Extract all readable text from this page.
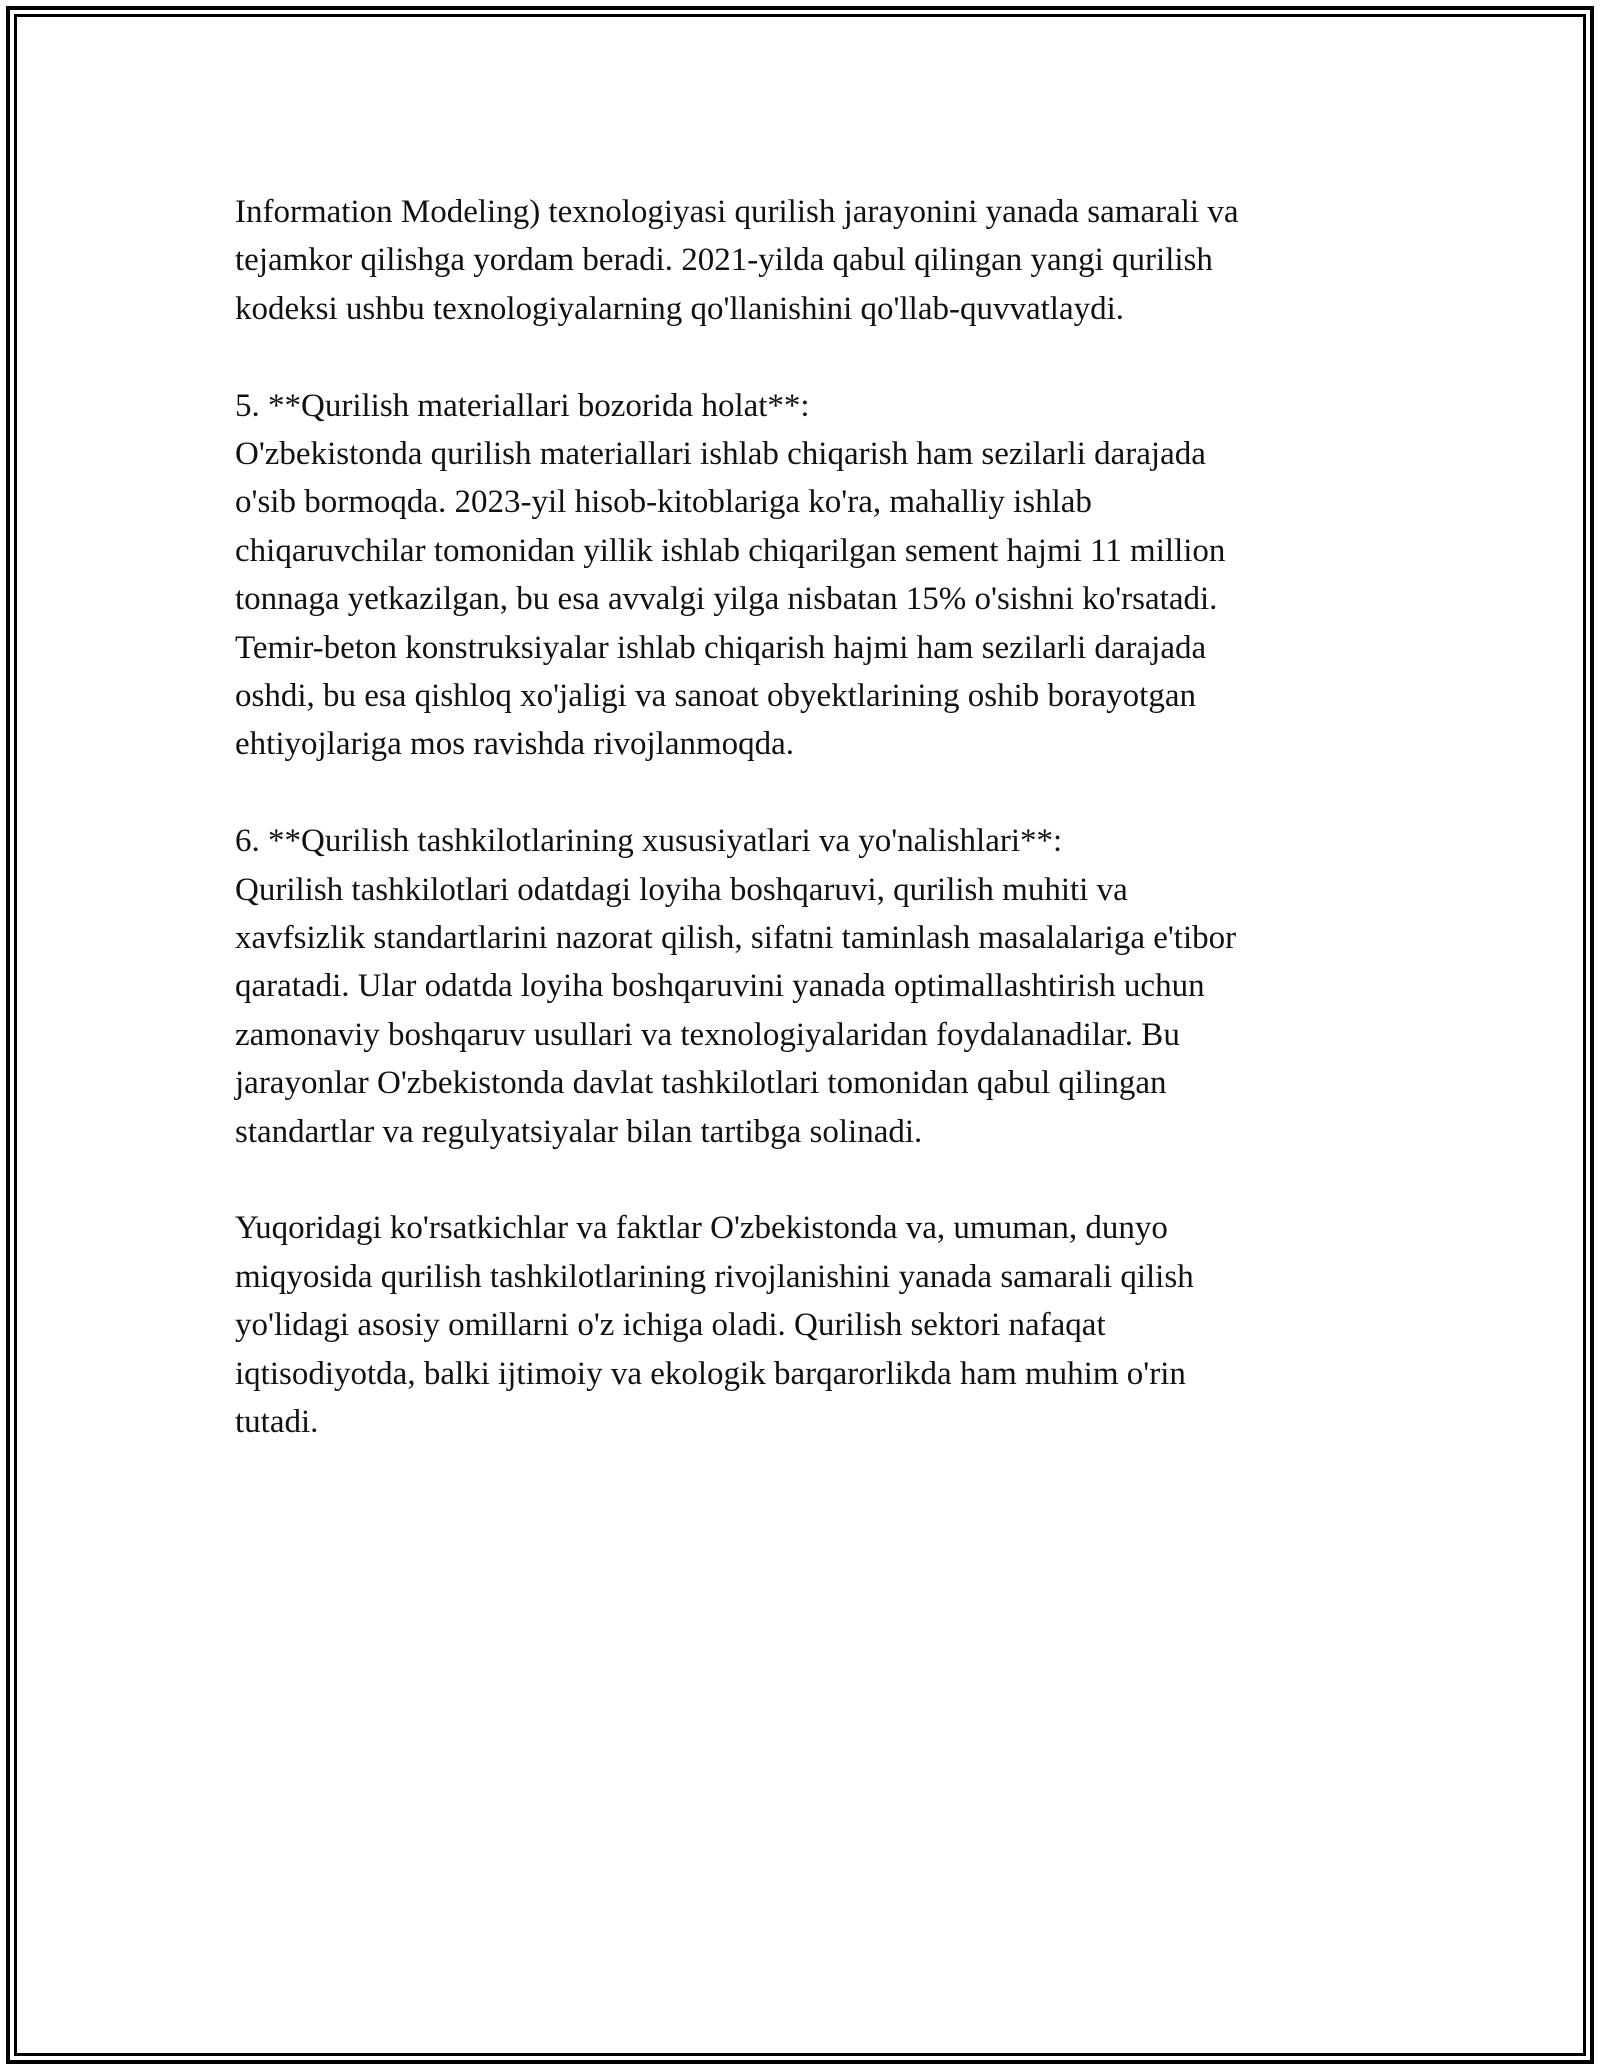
Information Modeling) texnologiyasi qurilish jarayonini yanada samarali va
tejamkor qilishga yordam beradi. 2021-yilda qabul qilingan yangi qurilish
kodeksi ushbu texnologiyalarning qo'llanishini qo'llab-quvvatlaydi.
5. **Qurilish materiallari bozorida holat**:
O'zbekistonda qurilish materiallari ishlab chiqarish ham sezilarli darajada
o'sib bormoqda. 2023-yil hisob-kitoblariga ko'ra, mahalliy ishlab
chiqaruvchilar tomonidan yillik ishlab chiqarilgan sement hajmi 11 million
tonnaga yetkazilgan, bu esa avvalgi yilga nisbatan 15% o'sishni ko'rsatadi.
Temir-beton konstruksiyalar ishlab chiqarish hajmi ham sezilarli darajada
oshdi, bu esa qishloq xo'jaligi va sanoat obyektlarining oshib borayotgan
ehtiyojlariga mos ravishda rivojlanmoqda.
6. **Qurilish tashkilotlarining xususiyatlari va yo'nalishlari**:
Qurilish tashkilotlari odatdagi loyiha boshqaruvi, qurilish muhiti va
xavfsizlik standartlarini nazorat qilish, sifatni taminlash masalalariga e'tibor
qaratadi. Ular odatda loyiha boshqaruvini yanada optimallashtirish uchun
zamonaviy boshqaruv usullari va texnologiyalaridan foydalanadilar. Bu
jarayonlar O'zbekistonda davlat tashkilotlari tomonidan qabul qilingan
standartlar va regulyatsiyalar bilan tartibga solinadi.
Yuqoridagi ko'rsatkichlar va faktlar O'zbekistonda va, umuman, dunyo
miqyosida qurilish tashkilotlarining rivojlanishini yanada samarali qilish
yo'lidagi asosiy omillarni o'z ichiga oladi. Qurilish sektori nafaqat
iqtisodiyotda, balki ijtimoiy va ekologik barqarorlikda ham muhim o'rin
tutadi.
